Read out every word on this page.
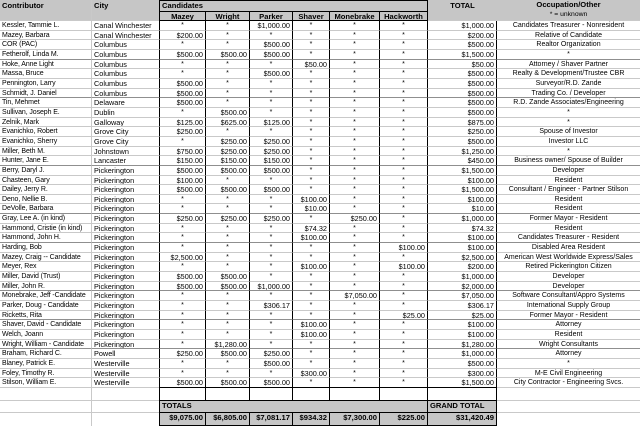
Contributor	City	Candidates
Mazey	Wright	Parker	Shaver	Monebrake	Hackworth
TOTAL	Occupation/Other
* = unknown
TOTALS	GRAND TOTAL
$9,075.00	$6,805.00	$7,081.17	$934.32	$7,300.00	$225.00	$31,420.49
Kessler, Tammie L.	Canal Winchester	*	*	$1,000.00	*	*	*	$1,000.00	Candidates Treasurer - Nonresident
Mazey, Barbara	Canal Winchester	$200.00	*	*	*	*	*	$200.00	Relative of Candidate
COR (PAC)	Columbus	*	*	$500.00	*	*	*	$500.00	Realtor Organization
Fetherolf, Linda M.	Columbus	$500.00	$500.00	$500.00	*	*	*	$1,500.00	*
Hoke, Anne Light	Columbus	*	*	*	$50.00	*	*	$50.00	Attorney / Shaver Partner
Massa, Bruce	Columbus	*	*	$500.00	*	*	*	$500.00	Realty & Development/Trustee CBR
Pennington, Larry	Columbus	$500.00	*	*	*	*	*	$500.00	Surveyor/R.D. Zande
Schmidt, J. Daniel	Columbus	$500.00	*	*	*	*	*	$500.00	Trading Co. / Developer
Tin, Mehmet	Delaware	$500.00	*	*	*	*	*	$500.00	R.D. Zande Associates/Engineering
Sullivan, Joseph E.	Dublin	*	$500.00	*	*	*	*	$500.00	*
Zelnik, Mark	Galloway	$125.00	$625.00	$125.00	*	*	*	$875.00	*
Evanichko, Robert	Grove City	$250.00	*	*	*	*	*	$250.00	Spouse of Investor
Evanichko, Sherry	Grove City	*	$250.00	$250.00	*	*	*	$500.00	Investor LLC
Miller, Beth M.	Johnstown	$750.00	$250.00	$250.00	*	*	*	$1,250.00	*
Hunter, Jane E.	Lancaster	$150.00	$150.00	$150.00	*	*	*	$450.00	Business owner/ Spouse of Builder
Berry, Daryl J.	Pickerington	$500.00	$500.00	$500.00	*	*	*	$1,500.00	Developer
Chasteen, Gary	Pickerington	$100.00	*	*	*	*	*	$100.00	Resident
Dailey, Jerry R.	Pickerington	$500.00	$500.00	$500.00	*	*	*	$1,500.00	Consultant / Engineer - Partner Stilson
Deno, Nellie B.	Pickerington	*	*	*	$100.00	*	*	$100.00	Resident
DeVolle, Barbara	Pickerington	*	*	*	$10.00	*	*	$10.00	Resident
Gray, Lee A. (in kind)	Pickerington	$250.00	$250.00	$250.00	*	$250.00	*	$1,000.00	Former Mayor - Resident
Hammond, Cristie (in kind)	Pickerington	*	*	*	$74.32	*	*	$74.32	Resident
Hammond, John H.	Pickerington	*	*	*	$100.00	*	*	$100.00	Candidates Treasurer - Resident
Harding, Bob	Pickerington	*	*	*	*	*	$100.00	$100.00	Disabled Area Resident
Mazey, Craig -- Candidate	Pickerington	$2,500.00	*	*	*	*	*	$2,500.00	American West Worldwide Express/Sales
Meyer, Rex	Pickerington	*	*	*	$100.00	*	$100.00	$200.00	Retired Pickerington Citizen
Miller, David (Trust)	Pickerington	$500.00	$500.00	*	*	*	*	$1,000.00	Developer
Miller, John R.	Pickerington	$500.00	$500.00	$1,000.00	*	*	*	$2,000.00	Developer
Monebrake, Jeff -Candidate	Pickerington	*	*	*	*	$7,050.00	*	$7,050.00	Software Consultant/Appro Systems
Parker, Doug - Candidate	Pickerington	*	*	$306.17	*	*	*	$306.17	International Supply Group
Ricketts, Rita	Pickerington	*	*	*	*	*	$25.00	$25.00	Former Mayor - Resident
Shaver, David - Candidate	Pickerington	*	*	*	$100.00	*	*	$100.00	Attorney
Welch, Joann	Pickerington	*	*	*	$100.00	*	*	$100.00	Resident
Wright, William - Candidate	Pickerington	*	$1,280.00	*	*	*	*	$1,280.00	Wright Consultants
Braham, Richard C.	Powell	$250.00	$500.00	$250.00	*	*	*	$1,000.00	Attorney
Blaney, Patrick E.	Westerville	*	*	$500.00	*	*	*	$500.00	*
Foley, Timothy R.	Westerville	*	*	*	$300.00	*	*	$300.00	M-E Civil Engineering
Stilson, William E.	Westerville	$500.00	$500.00	$500.00	*	*	*	$1,500.00	City Contractor - Engineering Svcs.
